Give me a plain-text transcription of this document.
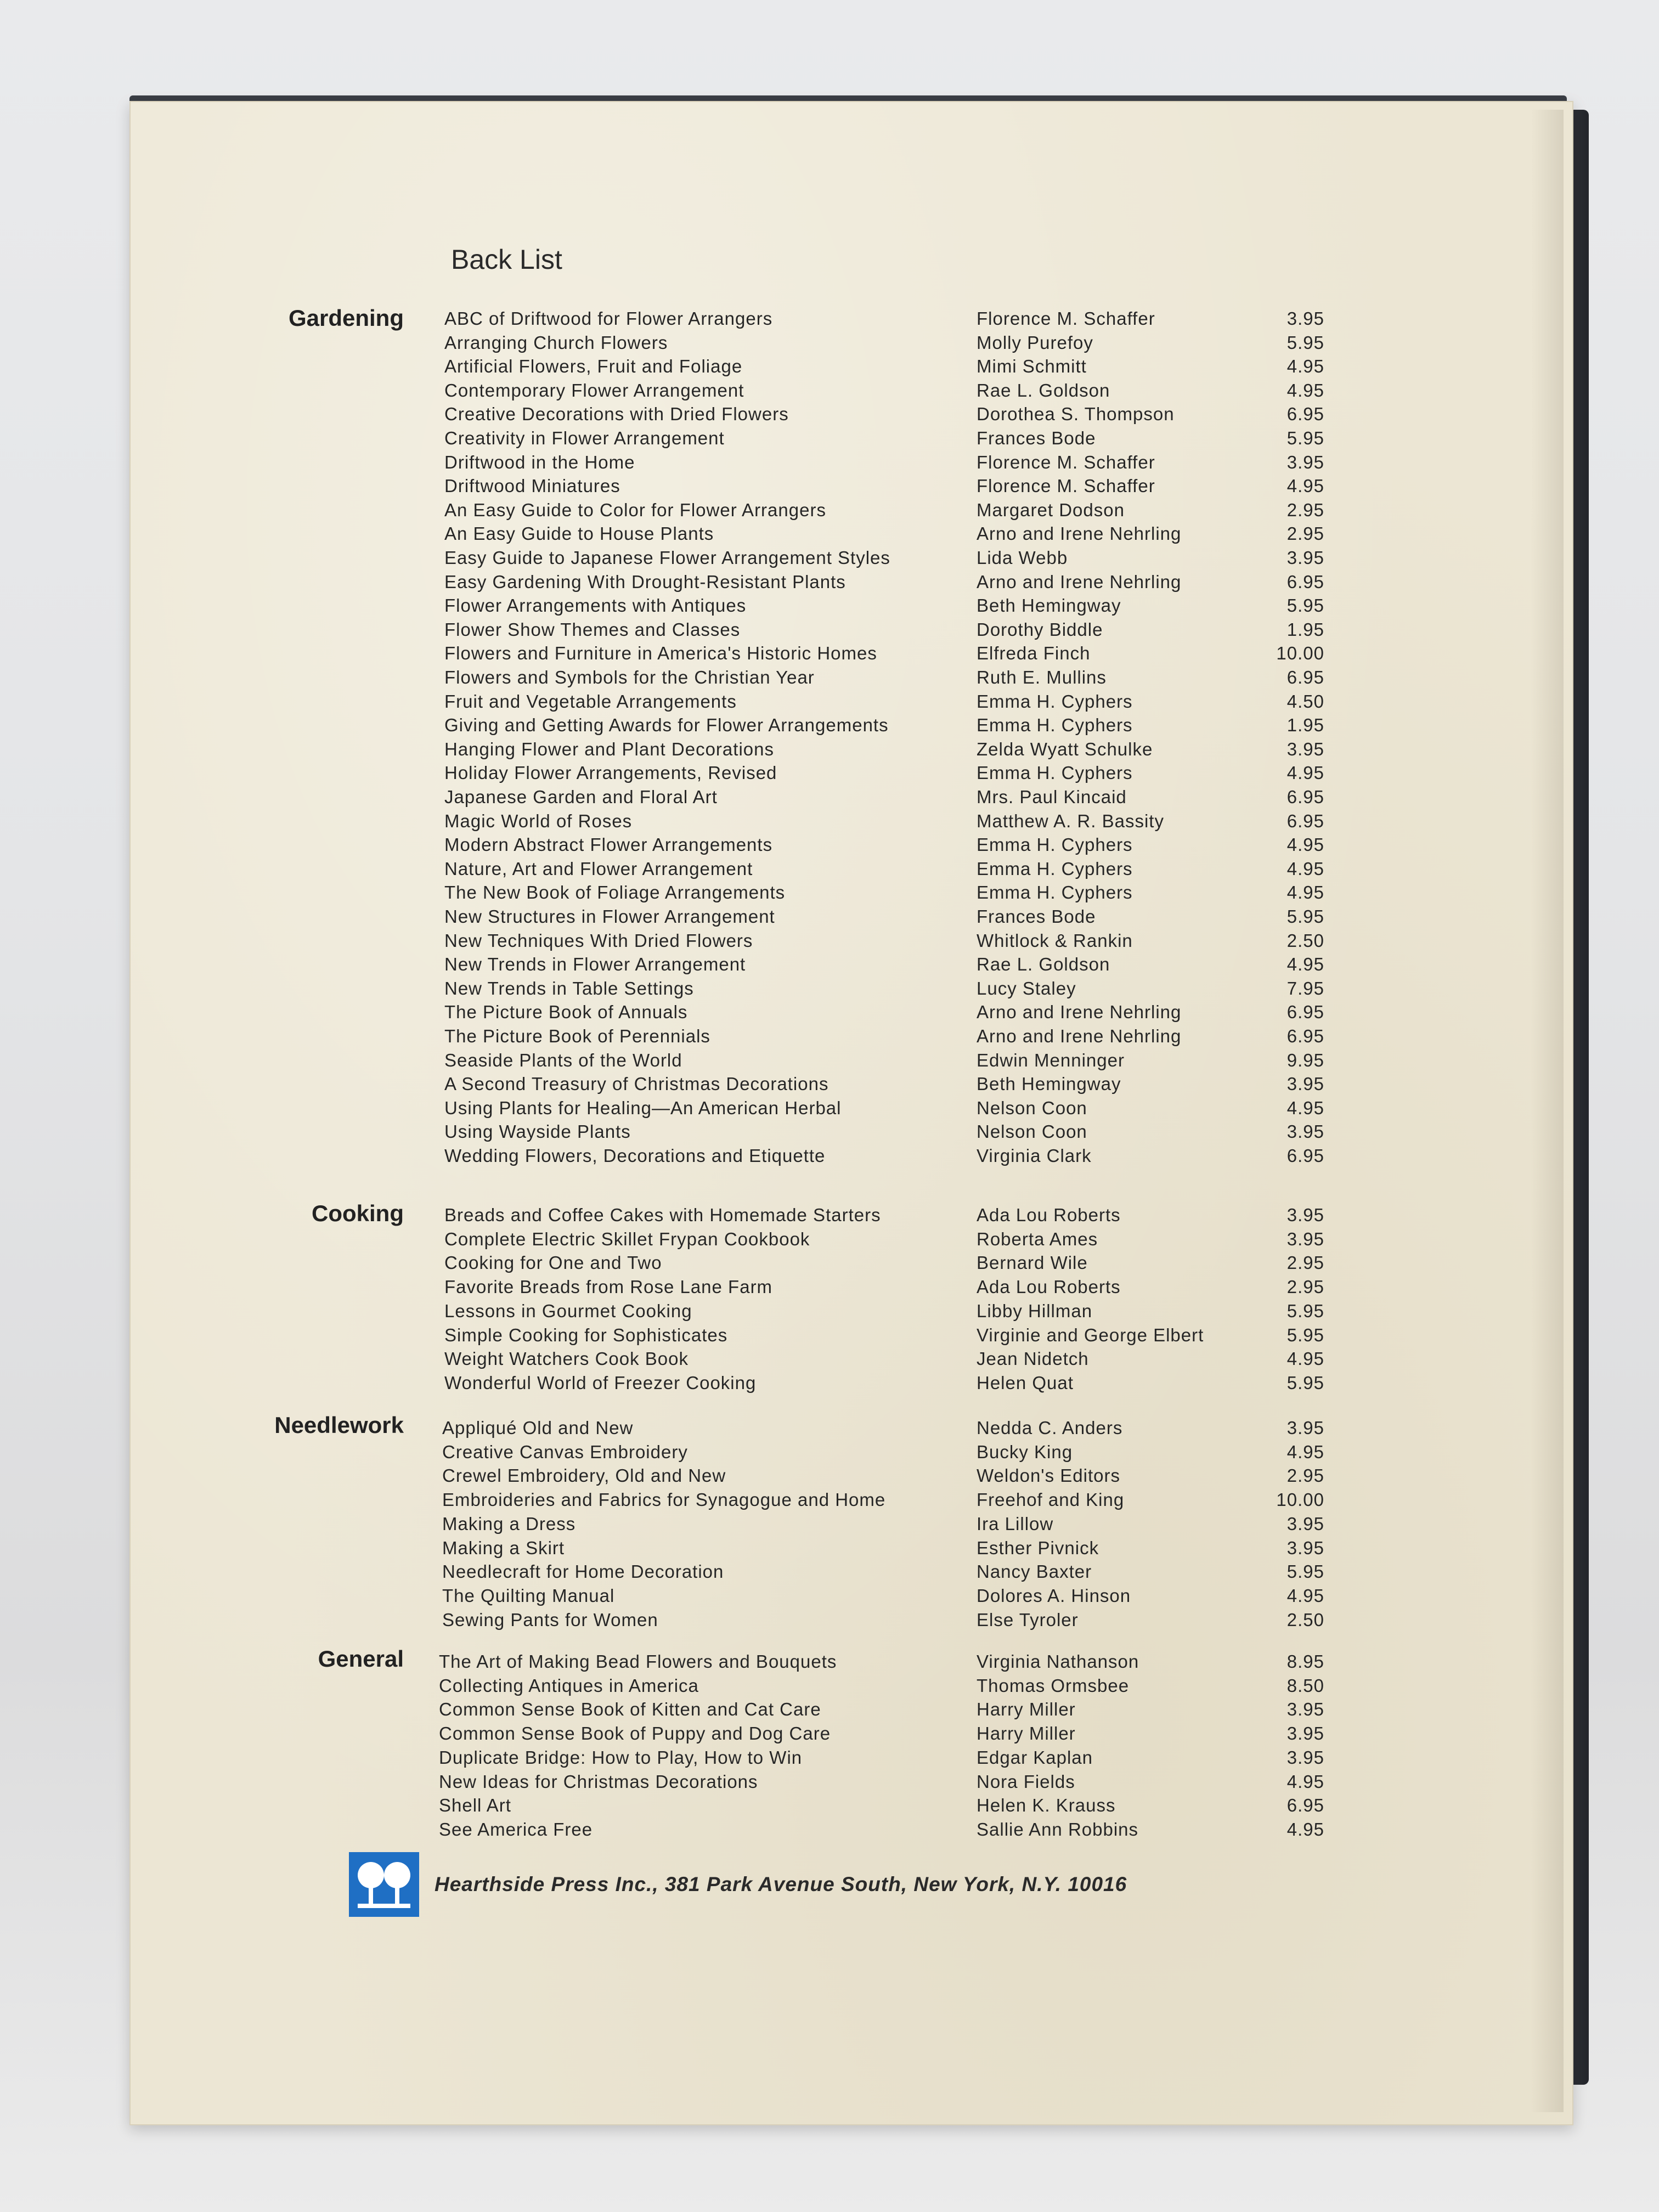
Back List
Gardening ABC of Driftwood for Flower Arrangers	Florence M. Schaffer	3.95
Arranging Church Flowers	Molly Purefoy	5.95
Artificial Flowers, Fruit and Foliage	Mimi Schmitt	4.95
Contemporary Flower Arrangement	Rae L. Goldson	4.95
Creative Decorations with Dried Flowers	Dorothea S. Thompson	6.95
Creativity in Flower Arrangement	Frances Bode	5.95
Driftwood in the Home	Florence M. Schaffer	3.95
Driftwood Miniatures	Florence M. Schaffer	4.95
An Easy Guide to Color for Flower Arrangers	Margaret Dodson	2.95
An Easy Guide to House Plants	Arno and Irene Nehrling	2.95
Easy Guide to Japanese Flower Arrangement Styles	Lida Webb	3.95
Easy Gardening With Drought-Resistant Plants	Arno and Irene Nehrling	6.95
Flower Arrangements with Antiques	Beth Hemingway	5.95
Flower Show Themes and Classes	Dorothy Biddle	1.95
Flowers and Furniture in America's Historic Homes	Elfreda Finch	10.00
Flowers and Symbols for the Christian Year	Ruth E. Mullins	6.95
Fruit and Vegetable Arrangements	Emma H. Cyphers	4.50
Giving and Getting Awards for Flower Arrangements	Emma H. Cyphers	1.95
Hanging Flower and Plant Decorations	Zelda Wyatt Schulke	3.95
Holiday Flower Arrangements, Revised	Emma H. Cyphers	4.95
Japanese Garden and Floral Art	Mrs. Paul Kincaid	6.95
Magic World of Roses	Matthew A. R. Bassity	6.95
Modern Abstract Flower Arrangements	Emma H. Cyphers	4.95
Nature, Art and Flower Arrangement	Emma H. Cyphers	4.95
The New Book of Foliage Arrangements	Emma H. Cyphers	4.95
New Structures in Flower Arrangement	Frances Bode	5.95
New Techniques With Dried Flowers	Whitlock & Rankin	2.50
New Trends in Flower Arrangement	Rae L. Goldson	4.95
New Trends in Table Settings	Lucy Staley	7.95
The Picture Book of Annuals	Arno and Irene Nehrling	6.95
The Picture Book of Perennials	Arno and Irene Nehrling	6.95
Seaside Plants of the World	Edwin Menninger	9.95
A Second Treasury of Christmas Decorations	Beth Hemingway	3.95
Using Plants for Healing—An American Herbal	Nelson Coon	4.95
Using Wayside Plants	Nelson Coon	3.95
Wedding Flowers, Decorations and Etiquette	Virginia Clark	6.95
Cooking Breads and Coffee Cakes with Homemade Starters	Ada Lou Roberts	3.95
Complete Electric Skillet Frypan Cookbook	Roberta Ames	3.95
Cooking for One and Two	Bernard Wile	2.95
Favorite Breads from Rose Lane Farm	Ada Lou Roberts	2.95
Lessons in Gourmet Cooking	Libby Hillman	5.95
Simple Cooking for Sophisticates	Virginie and George Elbert	5.95
Weight Watchers Cook Book	Jean Nidetch	4.95
Wonderful World of Freezer Cooking	Helen Quat	5.95
Needlework Appliqué Old and New	Nedda C. Anders	3.95
Creative Canvas Embroidery	Bucky King	4.95
Crewel Embroidery, Old and New	Weldon's Editors	2.95
Embroideries and Fabrics for Synagogue and Home	Freehof and King	10.00
Making a Dress	Ira Lillow	3.95
Making a Skirt	Esther Pivnick	3.95
Needlecraft for Home Decoration	Nancy Baxter	5.95
The Quilting Manual	Dolores A. Hinson	4.95
Sewing Pants for Women	Else Tyroler	2.50
General The Art of Making Bead Flowers and Bouquets	Virginia Nathanson	8.95
Collecting Antiques in America	Thomas Ormsbee	8.50
Common Sense Book of Kitten and Cat Care	Harry Miller	3.95
Common Sense Book of Puppy and Dog Care	Harry Miller	3.95
Duplicate Bridge: How to Play, How to Win	Edgar Kaplan	3.95
New Ideas for Christmas Decorations	Nora Fields	4.95
Shell Art	Helen K. Krauss	6.95
See America Free	Sallie Ann Robbins	4.95
Hearthside Press Inc., 381 Park Avenue South, New York, N.Y. 10016
